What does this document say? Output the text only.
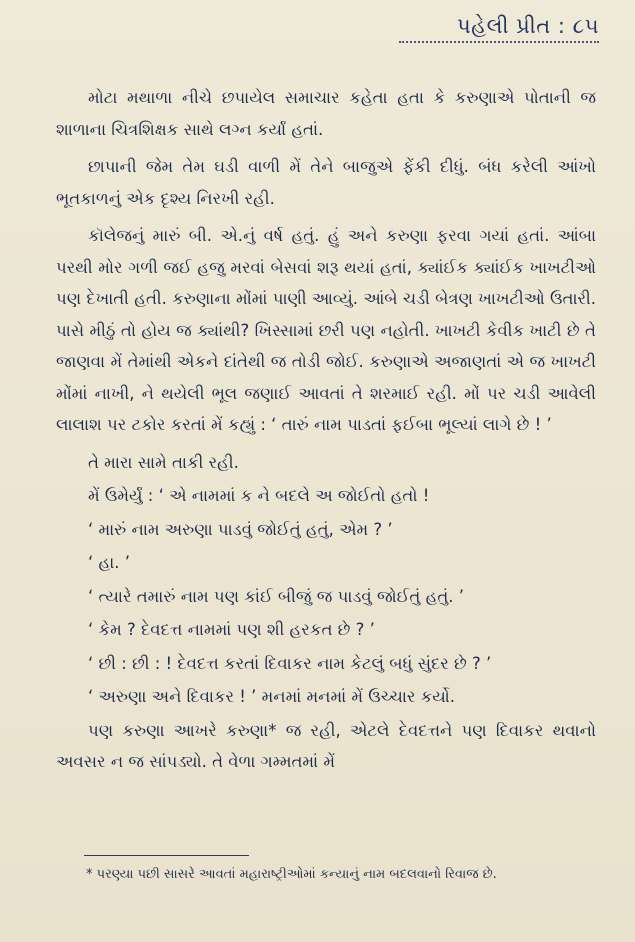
પહેલી પ્રીત : ૮૫

મોટા મથાળા નીચે છપાયેલ સમાચાર કહેતા હતા કે કરુણાએ પોતાની જ શાળાના ચિત્રશિક્ષક સાથે લગ્ન કર્યાં હતાં.

છાપાની જેમ તેમ ઘડી વાળી મેં તેને બાજુએ ફેંકી દીધું. બંધ કરેલી આંખો ભૂતકાળનું એક દૃશ્ય નિરખી રહી.

કૉલેજનું મારું બી. એ.નું વર્ષ હતું. હું અને કરુણા ફરવા ગયાં હતાં. આંબા પરથી મોર ગળી જઈ હજુ મરવાં બેસવાં શરૂ થયાં હતાં, ક્યાંઈક ક્યાંઈક ખાખટીઓ પણ દેખાતી હતી. કરુણાના મોંમાં પાણી આવ્યું. આંબે ચડી બેત્રણ ખાખટીઓ ઉતારી. પાસે મીઠું તો હોય જ ક્યાંથી? ખિસ્સામાં છરી પણ નહોતી. ખાખટી કેવીક ખાટી છે તે જાણવા મેં તેમાંથી એકને દાંતેથી જ તોડી જોઈ. કરુણાએ અજાણતાં એ જ ખાખટી મોંમાં નાખી, ને થયેલી ભૂલ જણાઈ આવતાં તે શરમાઈ રહી. મોં પર ચડી આવેલી લાલાશ પર ટકોર કરતાં મેં કહ્યું : ‘ તારું નામ પાડતાં ફઈબા ભૂલ્યાં લાગે છે ! ’

તે મારા સામે તાકી રહી.

મેં ઉમેર્યું : ‘ એ નામમાં ક ને બદલે અ જોઈતો હતો !

‘ મારું નામ અરુણા પાડવું જોઈતું હતું, એમ ? ’

‘ હા. ’

‘ ત્યારે તમારું નામ પણ કાંઈ બીજું જ પાડવું જોઈતું હતું. ’

‘ કેમ ? દેવદત્ત નામમાં પણ શી હરકત છે ? ’

‘ છી : છી : ! દેવદત્ત કરતાં દિવાકર નામ કેટલું બધું સુંદર છે ? ’

‘ અરુણા અને દિવાકર ! ’ મનમાં મનમાં મેં ઉચ્ચાર કર્યો.

પણ કરુણા આખરે કરુણા* જ રહી, એટલે દેવદત્તને પણ દિવાકર થવાનો અવસર ન જ સાંપડ્યો. તે વેળા ગમ્મતમાં મેં

* પરણ્યા પછી સાસરે આવતાં મહારાષ્ટ્રીઓમાં કન્યાનું નામ બદલવાનો રિવાજ છે.
